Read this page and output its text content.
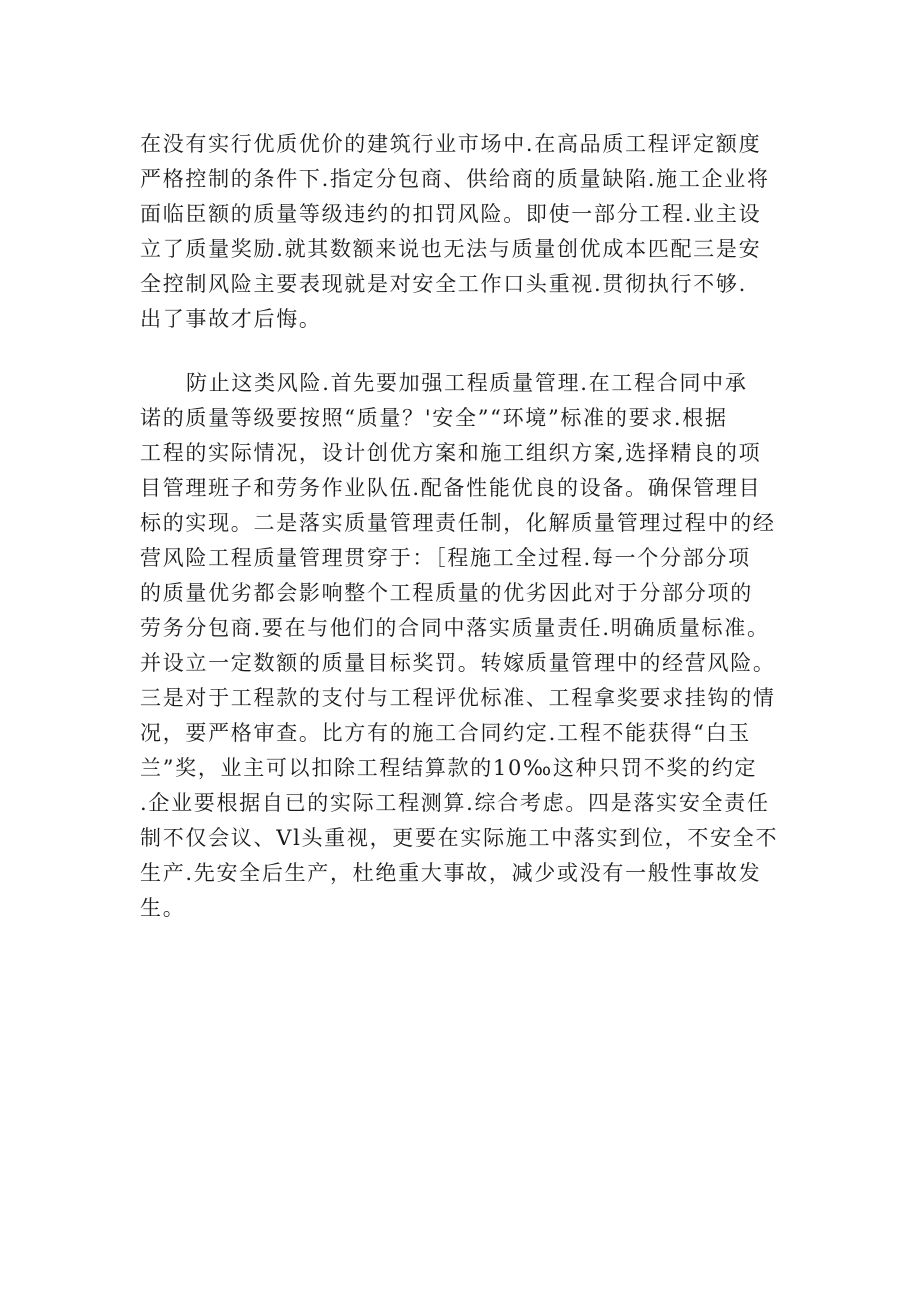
在没有实行优质优价的建筑行业市场中.在高品质工程评定额度
严格控制的条件下.指定分包商、供给商的质量缺陷.施工企业将
面临臣额的质量等级违约的扣罚风险。即使一部分工程.业主设
立了质量奖励.就其数额来说也无法与质量创优成本匹配三是安
全控制风险主要表现就是对安全工作口头重视.贯彻执行不够.
出了事故才后悔。
防止这类风险.首先要加强工程质量管理.在工程合同中承
诺的质量等级要按照“质量？'安全”“环境”标准的要求.根据
工程的实际情况，设计创优方案和施工组织方案,选择精良的项
目管理班子和劳务作业队伍.配备性能优良的设备。确保管理目
标的实现。二是落实质量管理责任制，化解质量管理过程中的经
营风险工程质量管理贯穿于：［程施工全过程.每一个分部分项
的质量优劣都会影响整个工程质量的优劣因此对于分部分项的
劳务分包商.要在与他们的合同中落实质量责任.明确质量标准。
并设立一定数额的质量目标奖罚。转嫁质量管理中的经营风险。
三是对于工程款的支付与工程评优标准、工程拿奖要求挂钩的情
况，要严格审查。比方有的施工合同约定.工程不能获得“白玉
兰”奖，业主可以扣除工程结算款的10‰这种只罚不奖的约定
.企业要根据自已的实际工程测算.综合考虑。四是落实安全责任
制不仅会议、Vl头重视，更要在实际施工中落实到位，不安全不
生产.先安全后生产，杜绝重大事故，减少或没有一般性事故发
生。
